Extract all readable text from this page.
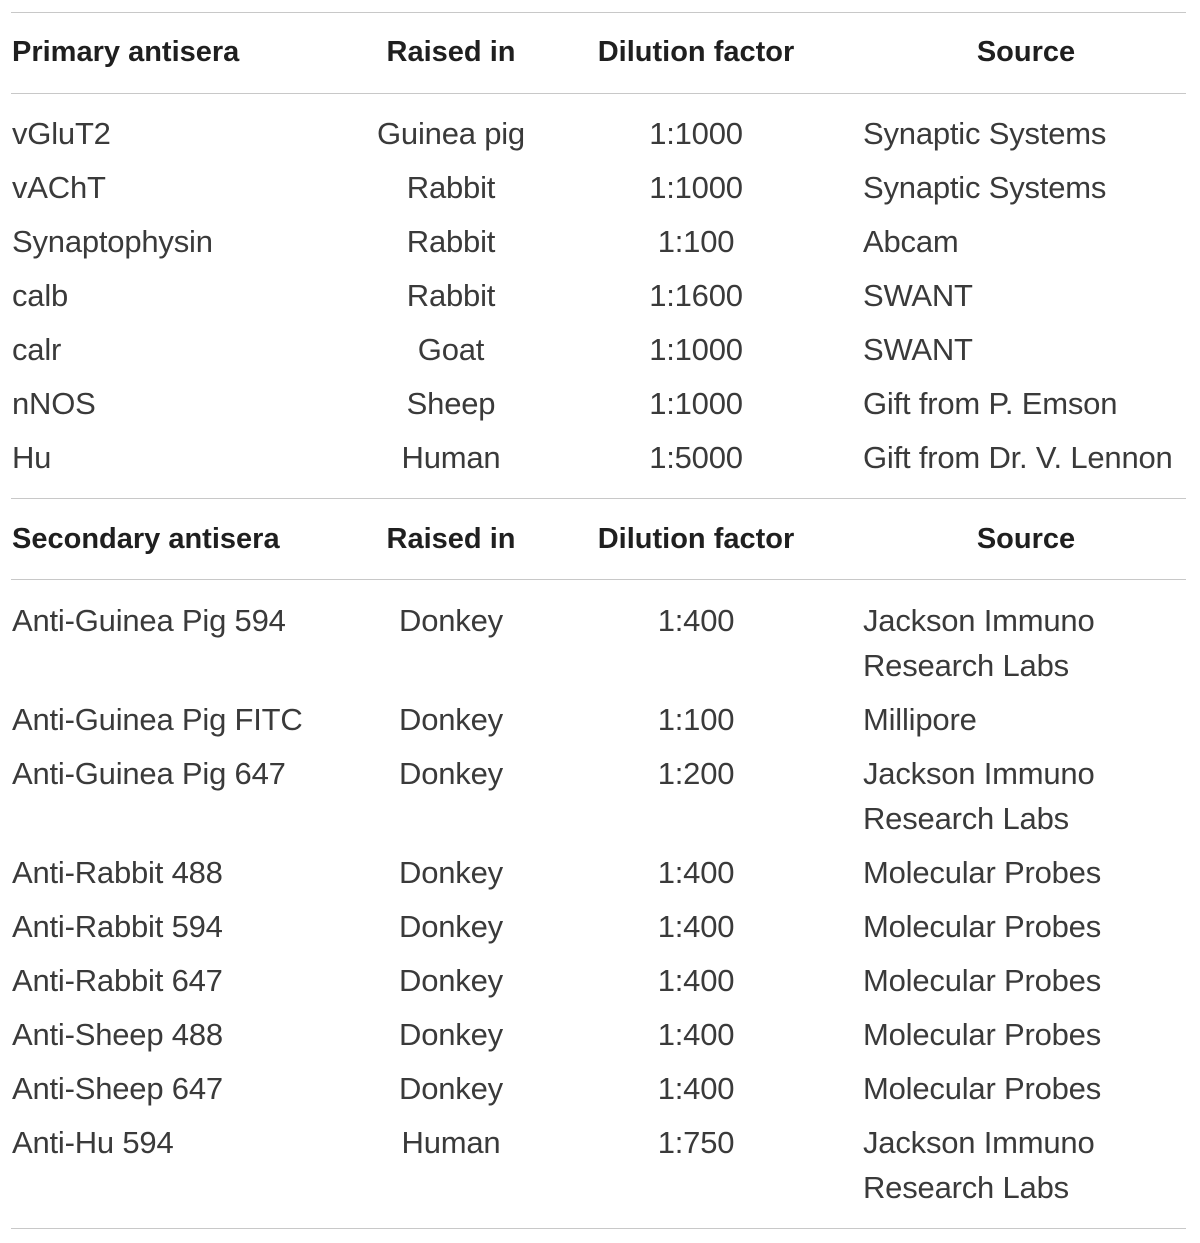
Primary antisera	Raised in	Dilution factor	Source
vGluT2	Guinea pig	1:1000	Synaptic Systems
vAChT	Rabbit	1:1000	Synaptic Systems
Synaptophysin	Rabbit	1:100	Abcam
calb	Rabbit	1:1600	SWANT
calr	Goat	1:1000	SWANT
nNOS	Sheep	1:1000	Gift from P. Emson
Hu	Human	1:5000	Gift from Dr. V. Lennon
Secondary antisera	Raised in	Dilution factor	Source
Anti-Guinea Pig 594	Donkey	1:400	Jackson Immuno
Research Labs
Anti-Guinea Pig FITC	Donkey	1:100	Millipore
Anti-Guinea Pig 647	Donkey	1:200	Jackson Immuno
Research Labs
Anti-Rabbit 488	Donkey	1:400	Molecular Probes
Anti-Rabbit 594	Donkey	1:400	Molecular Probes
Anti-Rabbit 647	Donkey	1:400	Molecular Probes
Anti-Sheep 488	Donkey	1:400	Molecular Probes
Anti-Sheep 647	Donkey	1:400	Molecular Probes
Anti-Hu 594	Human	1:750	Jackson Immuno
Research Labs
